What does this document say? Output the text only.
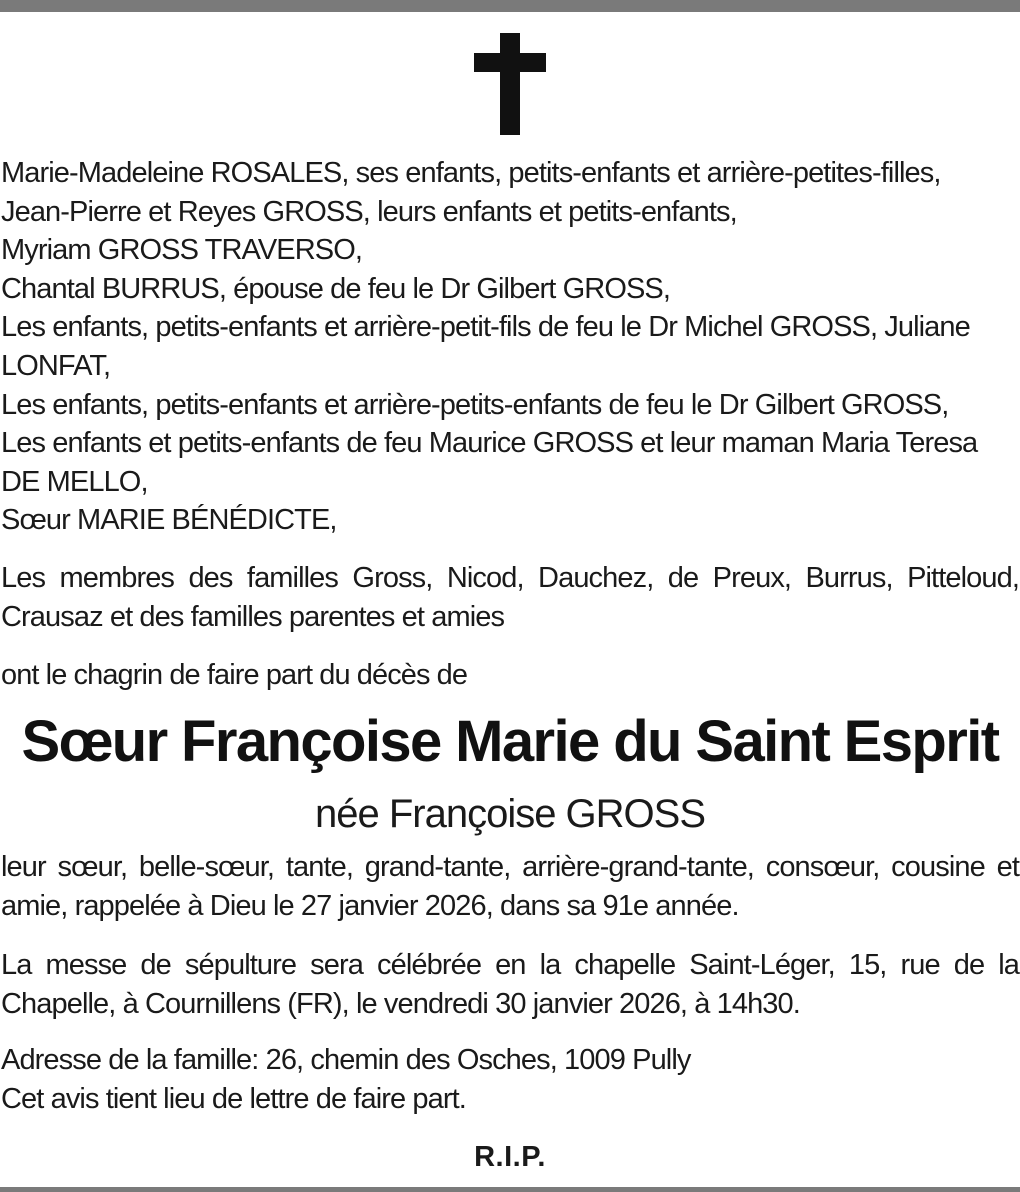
Marie-Madeleine ROSALES, ses enfants, petits-enfants et arrière-petites-filles,
Jean-Pierre et Reyes GROSS, leurs enfants et petits-enfants,
Myriam GROSS TRAVERSO,
Chantal BURRUS, épouse de feu le Dr Gilbert GROSS,
Les enfants, petits-enfants et arrière-petit-fils de feu le Dr Michel GROSS, Juliane
LONFAT,
Les enfants, petits-enfants et arrière-petits-enfants de feu le Dr Gilbert GROSS,
Les enfants et petits-enfants de feu Maurice GROSS et leur maman Maria Teresa
DE MELLO,
Sœur MARIE BÉNÉDICTE,
Les membres des familles Gross, Nicod, Dauchez, de Preux, Burrus, Pitteloud, Crausaz et des familles parentes et amies
ont le chagrin de faire part du décès de
Sœur Françoise Marie du Saint Esprit
née Françoise GROSS
leur sœur, belle-sœur, tante, grand-tante, arrière-grand-tante, consœur, cousine et amie, rappelée à Dieu le 27 janvier 2026, dans sa 91e année.
La messe de sépulture sera célébrée en la chapelle Saint-Léger, 15, rue de la Chapelle, à Cournillens (FR), le vendredi 30 janvier 2026, à 14h30.
Adresse de la famille: 26, chemin des Osches, 1009 Pully
Cet avis tient lieu de lettre de faire part.
R.I.P.
